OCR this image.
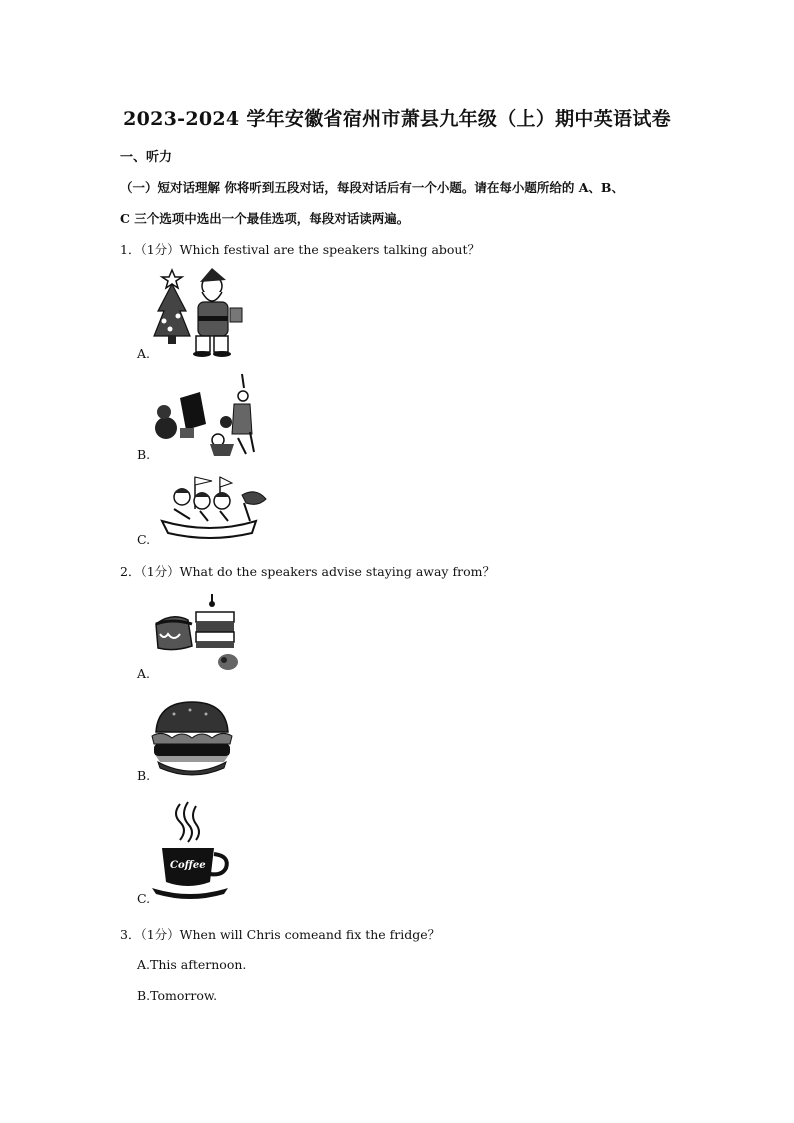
2023-2024 学年安徽省宿州市萧县九年级（上）期中英语试卷
一、听力
（一）短对话理解 你将听到五段对话，每段对话后有一个小题。请在每小题所给的 A、B、
C 三个选项中选出一个最佳选项，每段对话读两遍。
1．（1分）Which festival are the speakers talking about？
A.
B.
C.
2．（1分）What do the speakers advise staying away from？
A.
B.
Coffee
C.
3．（1分）When will Chris comeand fix the fridge？
A.This afternoon.
B.Tomorrow.
